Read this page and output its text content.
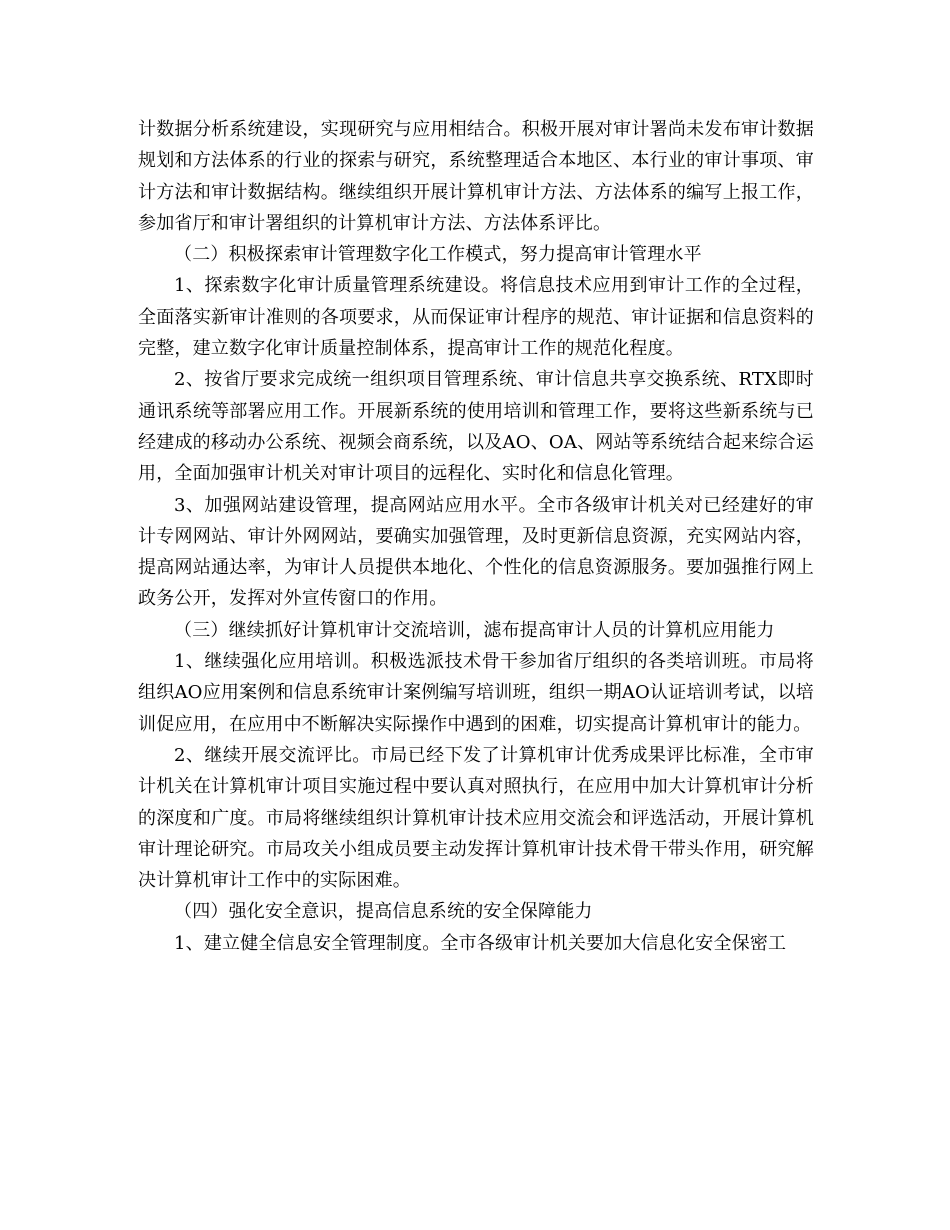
计数据分析系统建设，实现研究与应用相结合。积极开展对审计署尚未发布审计数据规划和方法体系的行业的探索与研究，系统整理适合本地区、本行业的审计事项、审计方法和审计数据结构。继续组织开展计算机审计方法、方法体系的编写上报工作，参加省厅和审计署组织的计算机审计方法、方法体系评比。

（二）积极探索审计管理数字化工作模式，努力提高审计管理水平

1、探索数字化审计质量管理系统建设。将信息技术应用到审计工作的全过程，全面落实新审计准则的各项要求，从而保证审计程序的规范、审计证据和信息资料的完整，建立数字化审计质量控制体系，提高审计工作的规范化程度。

2、按省厅要求完成统一组织项目管理系统、审计信息共享交换系统、RTX即时通讯系统等部署应用工作。开展新系统的使用培训和管理工作，要将这些新系统与已经建成的移动办公系统、视频会商系统，以及AO、OA、网站等系统结合起来综合运用，全面加强审计机关对审计项目的远程化、实时化和信息化管理。

3、加强网站建设管理，提高网站应用水平。全市各级审计机关对已经建好的审计专网网站、审计外网网站，要确实加强管理，及时更新信息资源，充实网站内容，提高网站通达率，为审计人员提供本地化、个性化的信息资源服务。要加强推行网上政务公开，发挥对外宣传窗口的作用。

（三）继续抓好计算机审计交流培训，滤布提高审计人员的计算机应用能力

1、继续强化应用培训。积极选派技术骨干参加省厅组织的各类培训班。市局将组织AO应用案例和信息系统审计案例编写培训班，组织一期AO认证培训考试，以培训促应用，在应用中不断解决实际操作中遇到的困难，切实提高计算机审计的能力。

2、继续开展交流评比。市局已经下发了计算机审计优秀成果评比标准，全市审计机关在计算机审计项目实施过程中要认真对照执行，在应用中加大计算机审计分析的深度和广度。市局将继续组织计算机审计技术应用交流会和评选活动，开展计算机审计理论研究。市局攻关小组成员要主动发挥计算机审计技术骨干带头作用，研究解决计算机审计工作中的实际困难。

（四）强化安全意识，提高信息系统的安全保障能力

1、建立健全信息安全管理制度。全市各级审计机关要加大信息化安全保密工
